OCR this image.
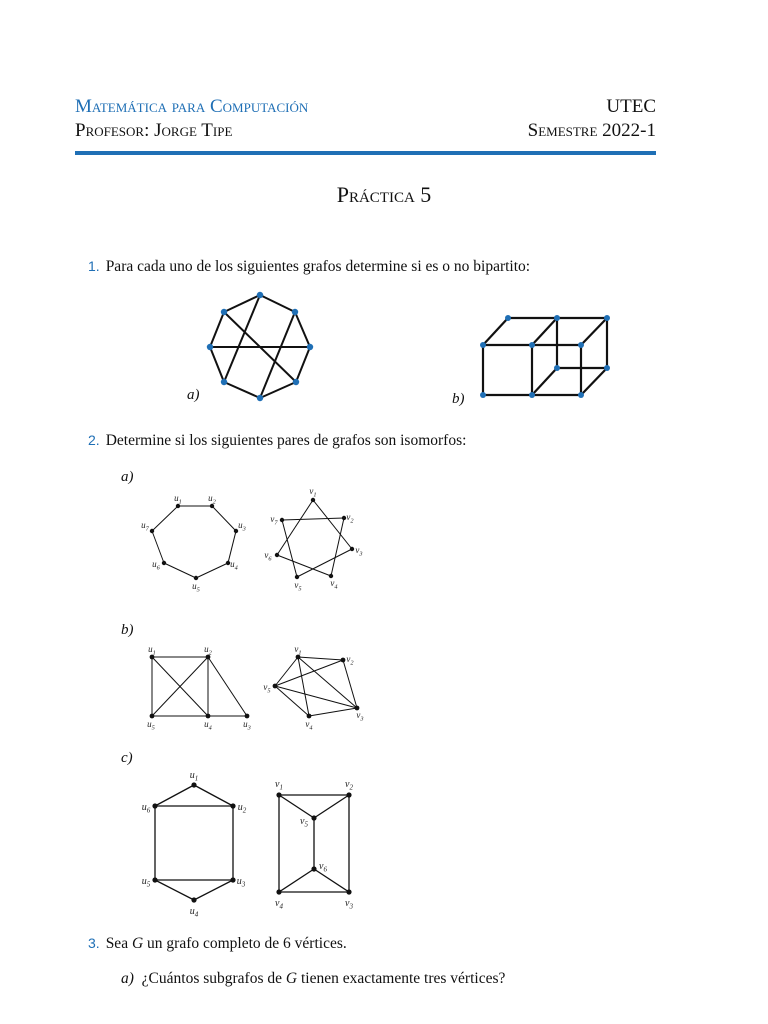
Matemática para Computación	UTEC
Profesor: Jorge Tipe	Semestre 2022-1
Práctica 5
1. Para cada uno de los siguientes grafos determine si es o no bipartito:
a)	b)
2. Determine si los siguientes pares de grafos son isomorfos:
a)
b)
c)
$u_1$	$u_2$
$u_3$
$u_4$
$u_5$
$u_6$
$u_7$
$v_1$
$v_2$
$v_3$
$v_4$
$v_5$
$v_6$
$v_7$
$u_1$	$u_2$
$u_3$
$u_4$
$u_5$
$v_1$
$v_2$
$v_3$
$v_4$
$v_5$
$u_1$
$u_2$
$u_3$
$u_4$
$u_5$
$u_6$
$v_1$	$v_2$
$v_3$
$v_4$
$v_5$
$v_6$
3. Sea G un grafo completo de 6 vértices.
a) ¿Cuántos subgrafos de G tienen exactamente tres vértices?
